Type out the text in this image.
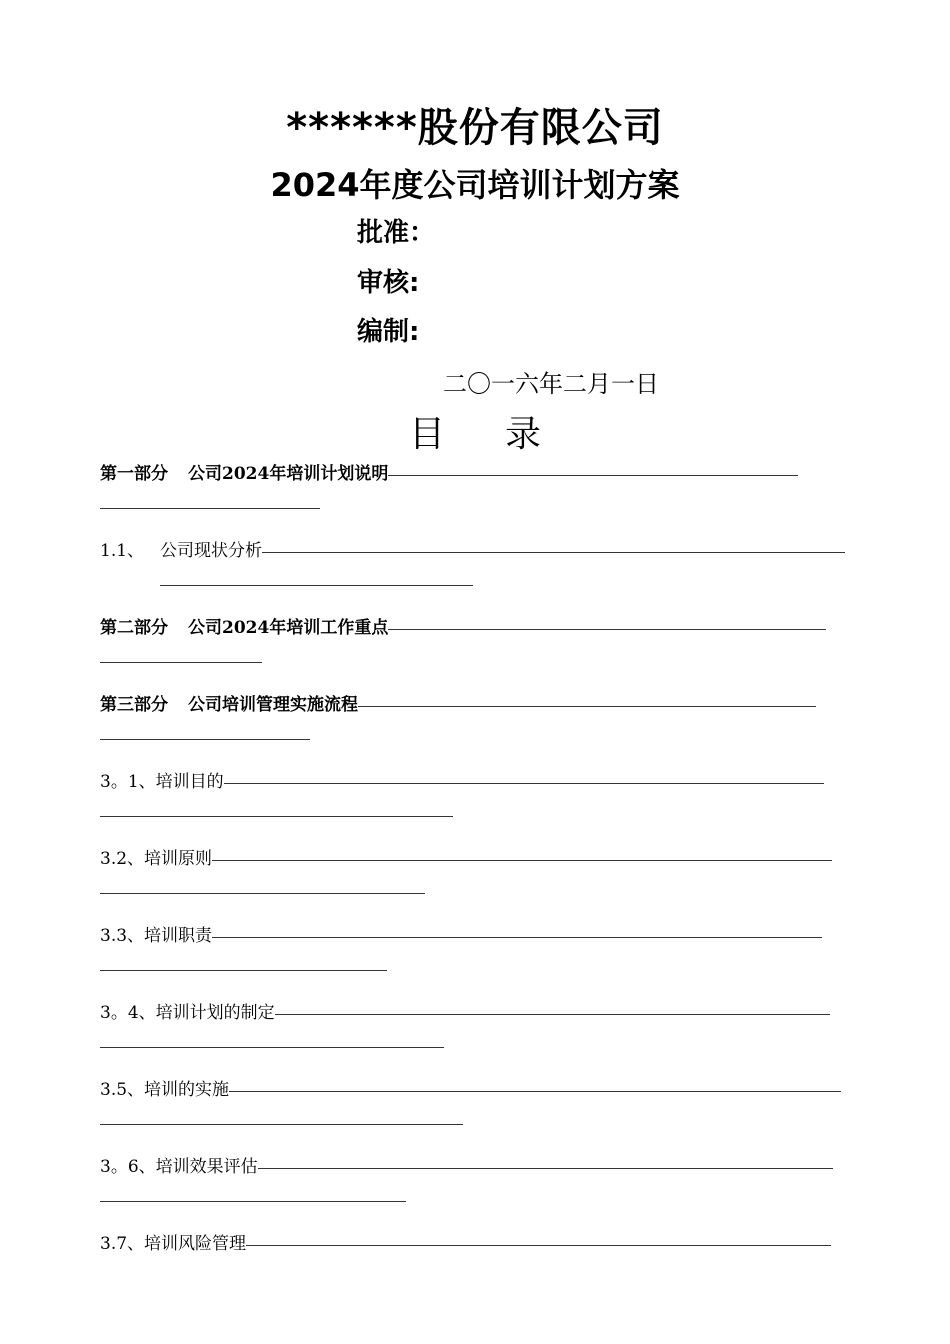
******股份有限公司
2024年度公司培训计划方案
批准：
审核:
编制:
二〇一六年二月一日
目 录
第一部分 公司2024年培训计划说明
1.1、 公司现状分析
第二部分 公司2024年培训工作重点
第三部分 公司培训管理实施流程
3。1、 培训目的
3.2、 培训原则
3.3、 培训职责
3。4、 培训计划的制定
3.5、 培训的实施
3。6、 培训效果评估
3.7、 培训风险管理
